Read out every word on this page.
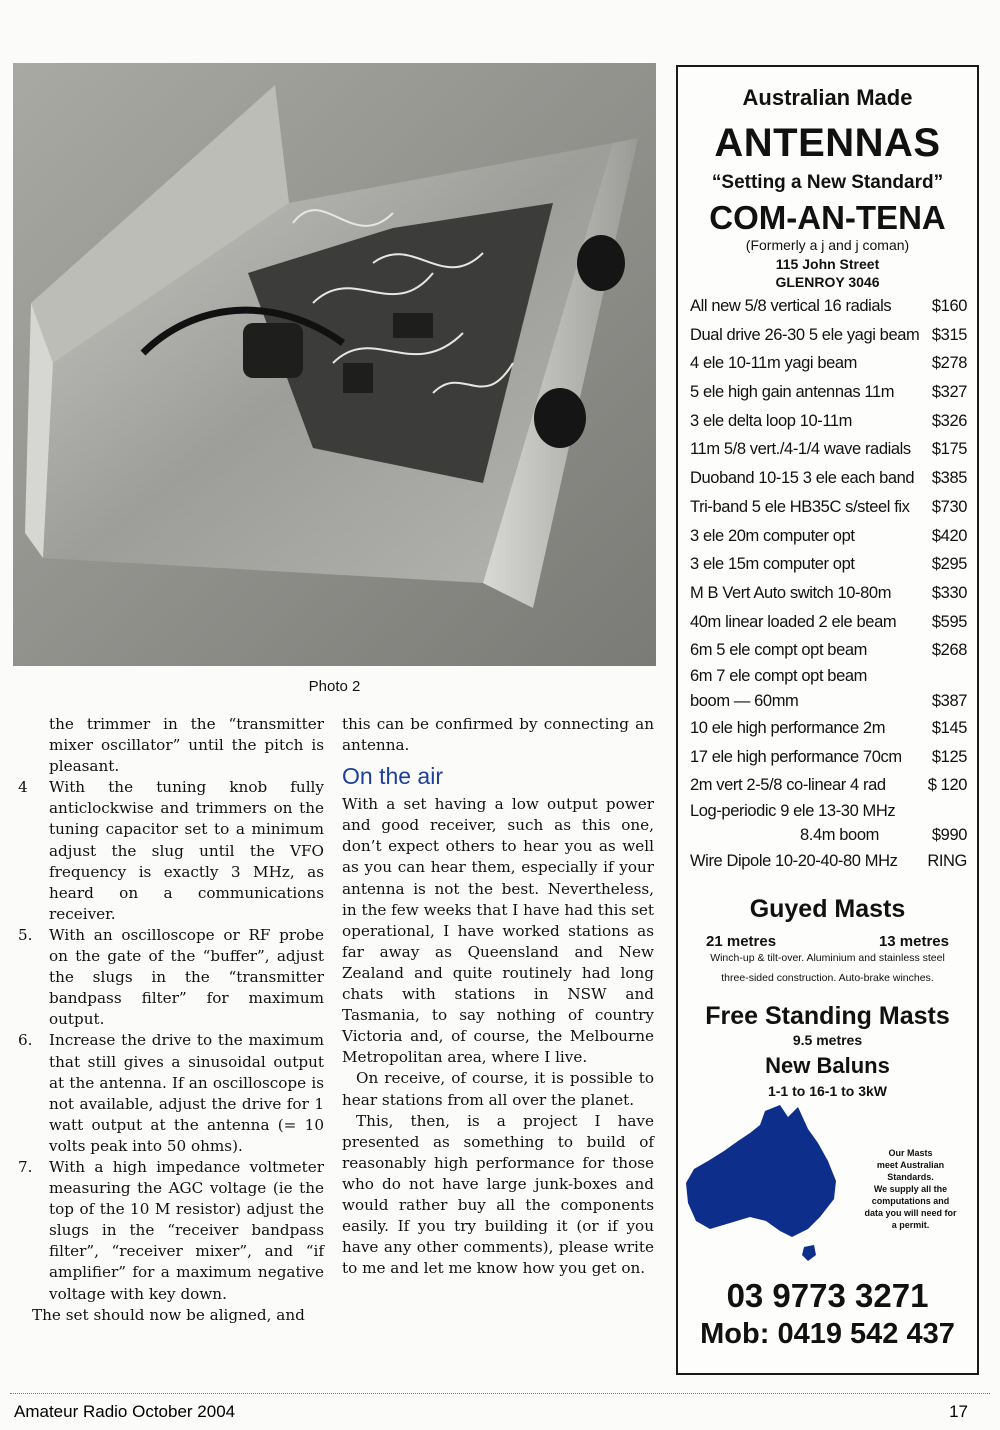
Photo 2

the trimmer in the “transmitter mixer oscillator” until the pitch is pleasant.

4 With the tuning knob fully anticlockwise and trimmers on the tuning capacitor set to a minimum adjust the slug until the VFO frequency is exactly 3 MHz, as heard on a communications receiver.

5. With an oscilloscope or RF probe on the gate of the “buffer”, adjust the slugs in the “transmitter bandpass filter” for maximum output.

6. Increase the drive to the maximum that still gives a sinusoidal output at the antenna. If an oscilloscope is not available, adjust the drive for 1 watt output at the antenna (= 10 volts peak into 50 ohms).

7. With a high impedance voltmeter measuring the AGC voltage (ie the top of the 10 M resistor) adjust the slugs in the “receiver bandpass filter”, “receiver mixer”, and “if amplifier” for a maximum negative voltage with key down.

The set should now be aligned, and

this can be confirmed by connecting an antenna.

On the air

With a set having a low output power and good receiver, such as this one, don’t expect others to hear you as well as you can hear them, especially if your antenna is not the best. Nevertheless, in the few weeks that I have had this set operational, I have worked stations as far away as Queensland and New Zealand and quite routinely had long chats with stations in NSW and Tasmania, to say nothing of country Victoria and, of course, the Melbourne Metropolitan area, where I live.

On receive, of course, it is possible to hear stations from all over the planet.

This, then, is a project I have presented as something to build of reasonably high performance for those who do not have large junk-boxes and would rather buy all the components easily. If you try building it (or if you have any other comments), please write to me and let me know how you get on.

Australian Made
ANTENNAS
“Setting a New Standard”
COM-AN-TENA
(Formerly a j and j coman)
115 John Street
GLENROY 3046
All new 5/8 vertical 16 radials $160
Dual drive 26-30 5 ele yagi beam $315
4 ele 10-11m yagi beam	$278
5 ele high gain antennas 11m $327
3 ele delta loop 10-11m	$326
11m 5/8 vert./4-1/4 wave radials $175
Duoband 10-15 3 ele each band $385
Tri-band 5 ele HB35C s/steel fix $730
3 ele 20m computer opt	$420
3 ele 15m computer opt	$295
M B Vert Auto switch 10-80m $330
40m linear loaded 2 ele beam $595
6m 5 ele compt opt beam	$268
6m 7 ele compt opt beam
boom — 60mm	$387
10 ele high performance 2m	$145
17 ele high performance 70cm $125
2m vert 2-5/8 co-linear 4 rad	$ 120
Log-periodic 9 ele 13-30 MHz
8.4m boom	$990
Wire Dipole 10-20-40-80 MHz RING
Guyed Masts
21 metres	13 metres
Winch-up & tilt-over. Aluminium and stainless steel
three-sided construction. Auto-brake winches.
Free Standing Masts
9.5 metres
New Baluns
1-1 to 16-1 to 3kW
Our Masts
meet Australian
Standards.
We supply all the
computations and
data you will need for
a permit.
03 9773 3271
Mob: 0419 542 437
Amateur Radio October 2004	17
